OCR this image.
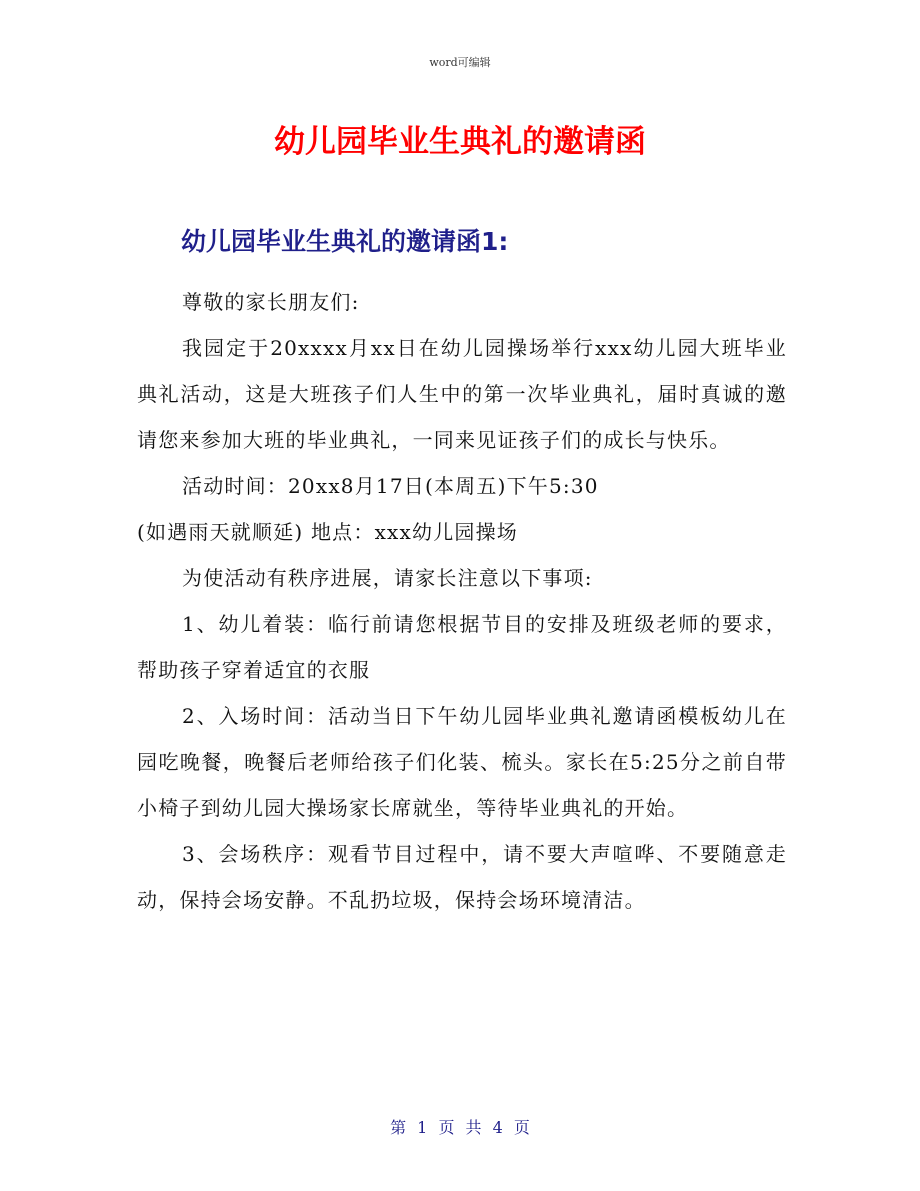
word可编辑
幼儿园毕业生典礼的邀请函
幼儿园毕业生典礼的邀请函1:

尊敬的家长朋友们:

我园定于20xxxx月xx日在幼儿园操场举行xxx幼儿园大班毕业典礼活动，这是大班孩子们人生中的第一次毕业典礼，届时真诚的邀请您来参加大班的毕业典礼，一同来见证孩子们的成长与快乐。

活动时间：20xx8月17日(本周五)下午5:30

(如遇雨天就顺延) 地点：xxx幼儿园操场

为使活动有秩序进展，请家长注意以下事项:

1、幼儿着装：临行前请您根据节目的安排及班级老师的要求，帮助孩子穿着适宜的衣服

2、入场时间：活动当日下午幼儿园毕业典礼邀请函模板幼儿在园吃晚餐，晚餐后老师给孩子们化装、梳头。家长在5:25分之前自带小椅子到幼儿园大操场家长席就坐，等待毕业典礼的开始。

3、会场秩序：观看节目过程中，请不要大声喧哗、不要随意走动，保持会场安静。不乱扔垃圾，保持会场环境清洁。

第 1 页 共 4 页
